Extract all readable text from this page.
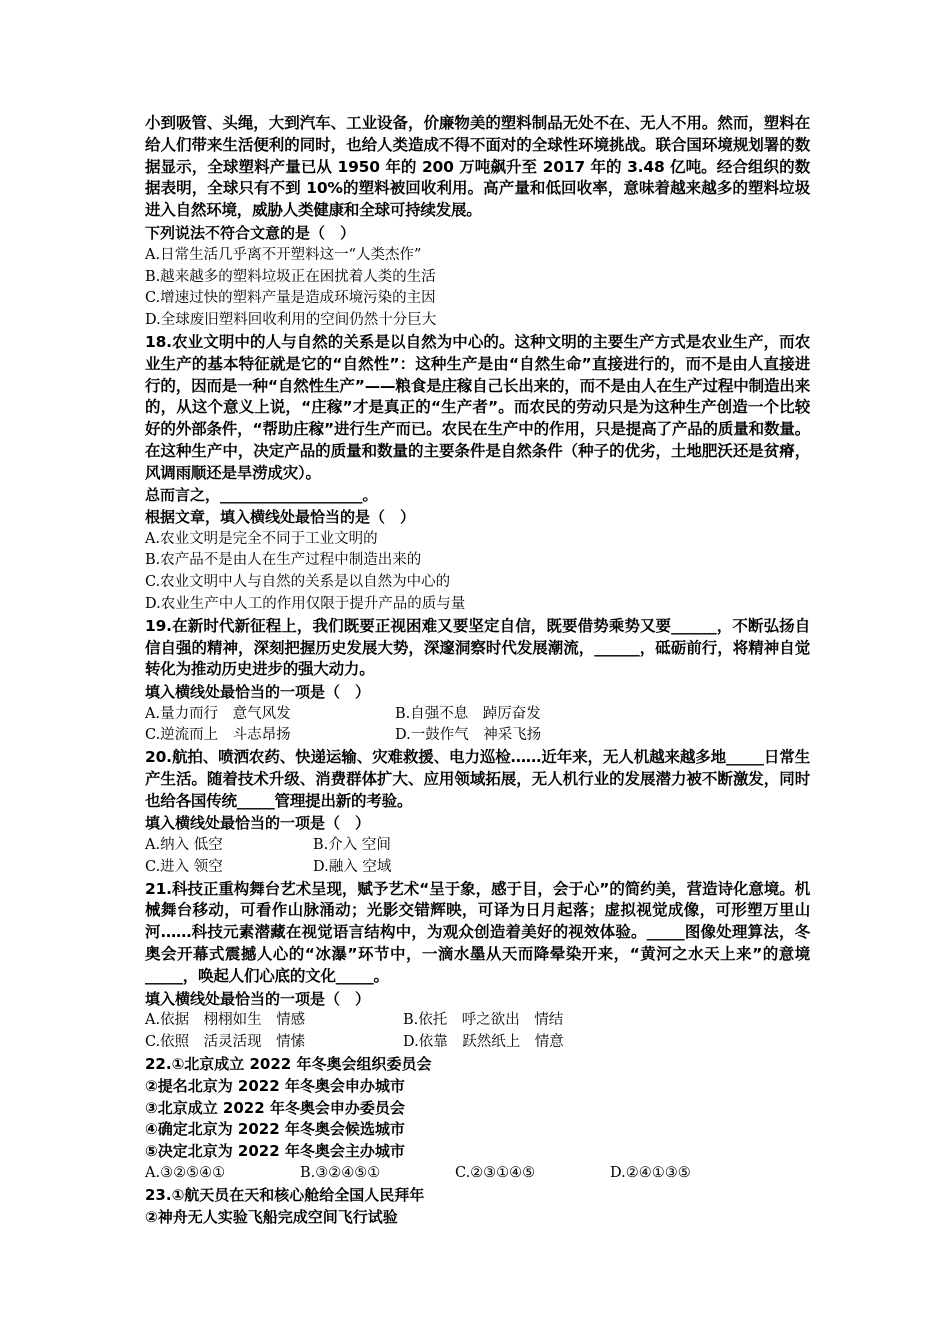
小到吸管、头绳，大到汽车、工业设备，价廉物美的塑料制品无处不在、无人不用。然而，塑料在给人们带来生活便利的同时，也给人类造成不得不面对的全球性环境挑战。联合国环境规划署的数据显示，全球塑料产量已从 1950 年的 200 万吨飙升至 2017 年的 3.48 亿吨。经合组织的数据表明，全球只有不到 10%的塑料被回收利用。高产量和低回收率，意味着越来越多的塑料垃圾进入自然环境，威胁人类健康和全球可持续发展。
下列说法不符合文意的是（　）
A.日常生活几乎离不开塑料这一“人类杰作”
B.越来越多的塑料垃圾正在困扰着人类的生活
C.增速过快的塑料产量是造成环境污染的主因
D.全球废旧塑料回收利用的空间仍然十分巨大
18.农业文明中的人与自然的关系是以自然为中心的。这种文明的主要生产方式是农业生产，而农业生产的基本特征就是它的“自然性”：这种生产是由“自然生命”直接进行的，而不是由人直接进行的，因而是一种“自然性生产”——粮食是庄稼自己长出来的，而不是由人在生产过程中制造出来的，从这个意义上说，“庄稼”才是真正的“生产者”。而农民的劳动只是为这种生产创造一个比较好的外部条件，“帮助庄稼”进行生产而已。农民在生产中的作用，只是提高了产品的质量和数量。在这种生产中，决定产品的质量和数量的主要条件是自然条件（种子的优劣，土地肥沃还是贫瘠，风调雨顺还是旱涝成灾）。
总而言之，___________________。
根据文章，填入横线处最恰当的是（　）
A.农业文明是完全不同于工业文明的
B.农产品不是由人在生产过程中制造出来的
C.农业文明中人与自然的关系是以自然为中心的
D.农业生产中人工的作用仅限于提升产品的质与量
19.在新时代新征程上，我们既要正视困难又要坚定自信，既要借势乘势又要______，不断弘扬自信自强的精神，深刻把握历史发展大势，深邃洞察时代发展潮流，______，砥砺前行，将精神自觉转化为推动历史进步的强大动力。
填入横线处最恰当的一项是（　）
A.量力而行　意气风发	B.自强不息　踔厉奋发
C.逆流而上　斗志昂扬	D.一鼓作气　神采飞扬
20.航拍、喷洒农药、快递运输、灾难救援、电力巡检……近年来，无人机越来越多地_____日常生产生活。随着技术升级、消费群体扩大、应用领域拓展，无人机行业的发展潜力被不断激发，同时也给各国传统_____管理提出新的考验。
填入横线处最恰当的一项是（　）
A.纳入 低空	B.介入 空间
C.进入 领空	D.融入 空域
21.科技正重构舞台艺术呈现，赋予艺术“呈于象，感于目，会于心”的简约美，营造诗化意境。机械舞台移动，可看作山脉涌动；光影交错辉映，可译为日月起落；虚拟视觉成像，可形塑万里山河……科技元素潜藏在视觉语言结构中，为观众创造着美好的视效体验。_____图像处理算法，冬奥会开幕式震撼人心的“冰瀑”环节中，一滴水墨从天而降晕染开来，“黄河之水天上来”的意境_____，唤起人们心底的文化_____。
填入横线处最恰当的一项是（　）
A.依据　栩栩如生　情感	B.依托　呼之欲出　情结
C.依照　活灵活现　情愫	D.依靠　跃然纸上　情意
22.①北京成立 2022 年冬奥会组织委员会
②提名北京为 2022 年冬奥会申办城市
③北京成立 2022 年冬奥会申办委员会
④确定北京为 2022 年冬奥会候选城市
⑤决定北京为 2022 年冬奥会主办城市
A.③②⑤④①	B.③②④⑤①	C.②③①④⑤	D.②④①③⑤
23.①航天员在天和核心舱给全国人民拜年
②神舟无人实验飞船完成空间飞行试验
